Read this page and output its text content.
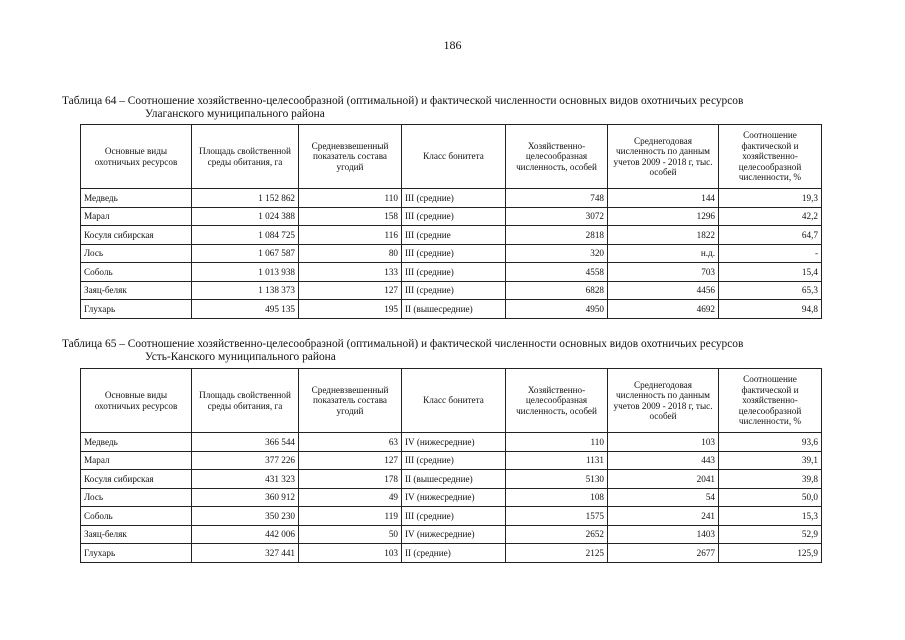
186
Таблица 64 – Соотношение хозяйственно-целесообразной (оптимальной) и фактической численности основных видов охотничьих ресурсов
Улаганского муниципального района
Основные виды охотничьих ресурсов	Площадь свойственной среды обитания, га	Средневзвешенный показатель состава угодий	Класс бонитета	Хозяйственно-целесообразная численность, особей	Среднегодовая численность по данным учетов 2009 - 2018 г, тыс. особей	Соотношение фактической и хозяйственно-целесообразной численности, %
Медведь	1 152 862	110	III (средние)	748	144	19,3
Марал	1 024 388	158	III (средние)	3072	1296	42,2
Косуля сибирская	1 084 725	116	III (средние	2818	1822	64,7
Лось	1 067 587	80	III (средние)	320	н.д.	-
Соболь	1 013 938	133	III (средние)	4558	703	15,4
Заяц-беляк	1 138 373	127	III (средние)	6828	4456	65,3
Глухарь	495 135	195	II (вышесредние)	4950	4692	94,8
Таблица 65 – Соотношение хозяйственно-целесообразной (оптимальной) и фактической численности основных видов охотничьих ресурсов
Усть-Канского муниципального района
Основные виды охотничьих ресурсов	Площадь свойственной среды обитания, га	Средневзвешенный показатель состава угодий	Класс бонитета	Хозяйственно-целесообразная численность, особей	Среднегодовая численность по данным учетов 2009 - 2018 г, тыс. особей	Соотношение фактической и хозяйственно-целесообразной численности, %
Медведь	366 544	63	IV (нижесредние)	110	103	93,6
Марал	377 226	127	III (средние)	1131	443	39,1
Косуля сибирская	431 323	178	II (вышесредние)	5130	2041	39,8
Лось	360 912	49	IV (нижесредние)	108	54	50,0
Соболь	350 230	119	III (средние)	1575	241	15,3
Заяц-беляк	442 006	50	IV (нижесредние)	2652	1403	52,9
Глухарь	327 441	103	II (средние)	2125	2677	125,9
